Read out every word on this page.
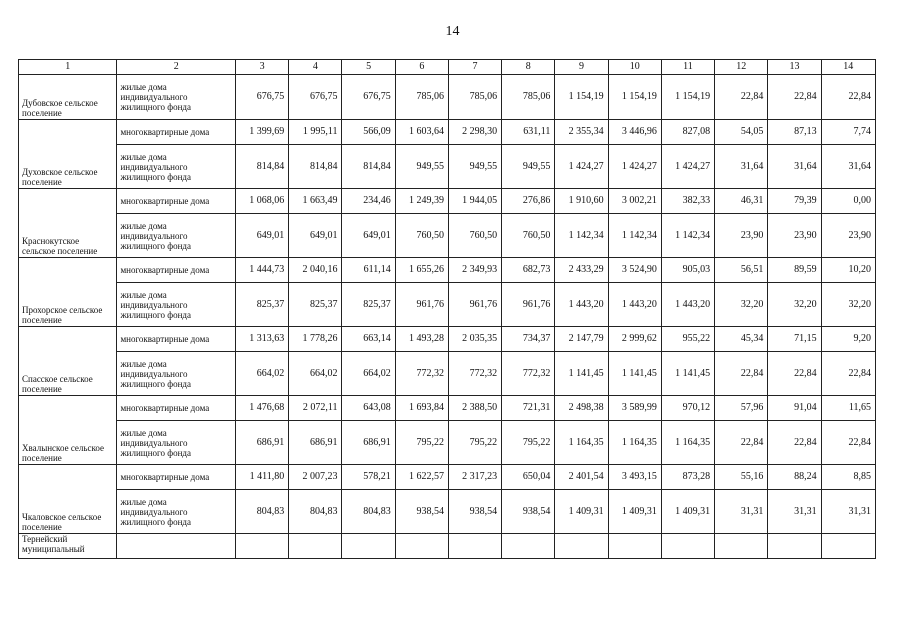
14
1	2	3	4	5	6	7	8	9	10	11	12	13	14
Дубовское сельское поселение	жилые дома индивидуального жилищного фонда	676,75	676,75	676,75	785,06	785,06	785,06	1 154,19	1 154,19	1 154,19	22,84	22,84	22,84
Духовское сельское поселение	многоквартирные дома	1 399,69	1 995,11	566,09	1 603,64	2 298,30	631,11	2 355,34	3 446,96	827,08	54,05	87,13	7,74
	жилые дома индивидуального жилищного фонда	814,84	814,84	814,84	949,55	949,55	949,55	1 424,27	1 424,27	1 424,27	31,64	31,64	31,64
Краснокутское сельское поселение	многоквартирные дома	1 068,06	1 663,49	234,46	1 249,39	1 944,05	276,86	1 910,60	3 002,21	382,33	46,31	79,39	0,00
	жилые дома индивидуального жилищного фонда	649,01	649,01	649,01	760,50	760,50	760,50	1 142,34	1 142,34	1 142,34	23,90	23,90	23,90
Прохорское сельское поселение	многоквартирные дома	1 444,73	2 040,16	611,14	1 655,26	2 349,93	682,73	2 433,29	3 524,90	905,03	56,51	89,59	10,20
	жилые дома индивидуального жилищного фонда	825,37	825,37	825,37	961,76	961,76	961,76	1 443,20	1 443,20	1 443,20	32,20	32,20	32,20
Спасское сельское поселение	многоквартирные дома	1 313,63	1 778,26	663,14	1 493,28	2 035,35	734,37	2 147,79	2 999,62	955,22	45,34	71,15	9,20
	жилые дома индивидуального жилищного фонда	664,02	664,02	664,02	772,32	772,32	772,32	1 141,45	1 141,45	1 141,45	22,84	22,84	22,84
Хвалынское сельское поселение	многоквартирные дома	1 476,68	2 072,11	643,08	1 693,84	2 388,50	721,31	2 498,38	3 589,99	970,12	57,96	91,04	11,65
	жилые дома индивидуального жилищного фонда	686,91	686,91	686,91	795,22	795,22	795,22	1 164,35	1 164,35	1 164,35	22,84	22,84	22,84
Чкаловское сельское поселение	многоквартирные дома	1 411,80	2 007,23	578,21	1 622,57	2 317,23	650,04	2 401,54	3 493,15	873,28	55,16	88,24	8,85
	жилые дома индивидуального жилищного фонда	804,83	804,83	804,83	938,54	938,54	938,54	1 409,31	1 409,31	1 409,31	31,31	31,31	31,31
Тернейский муниципальный													
